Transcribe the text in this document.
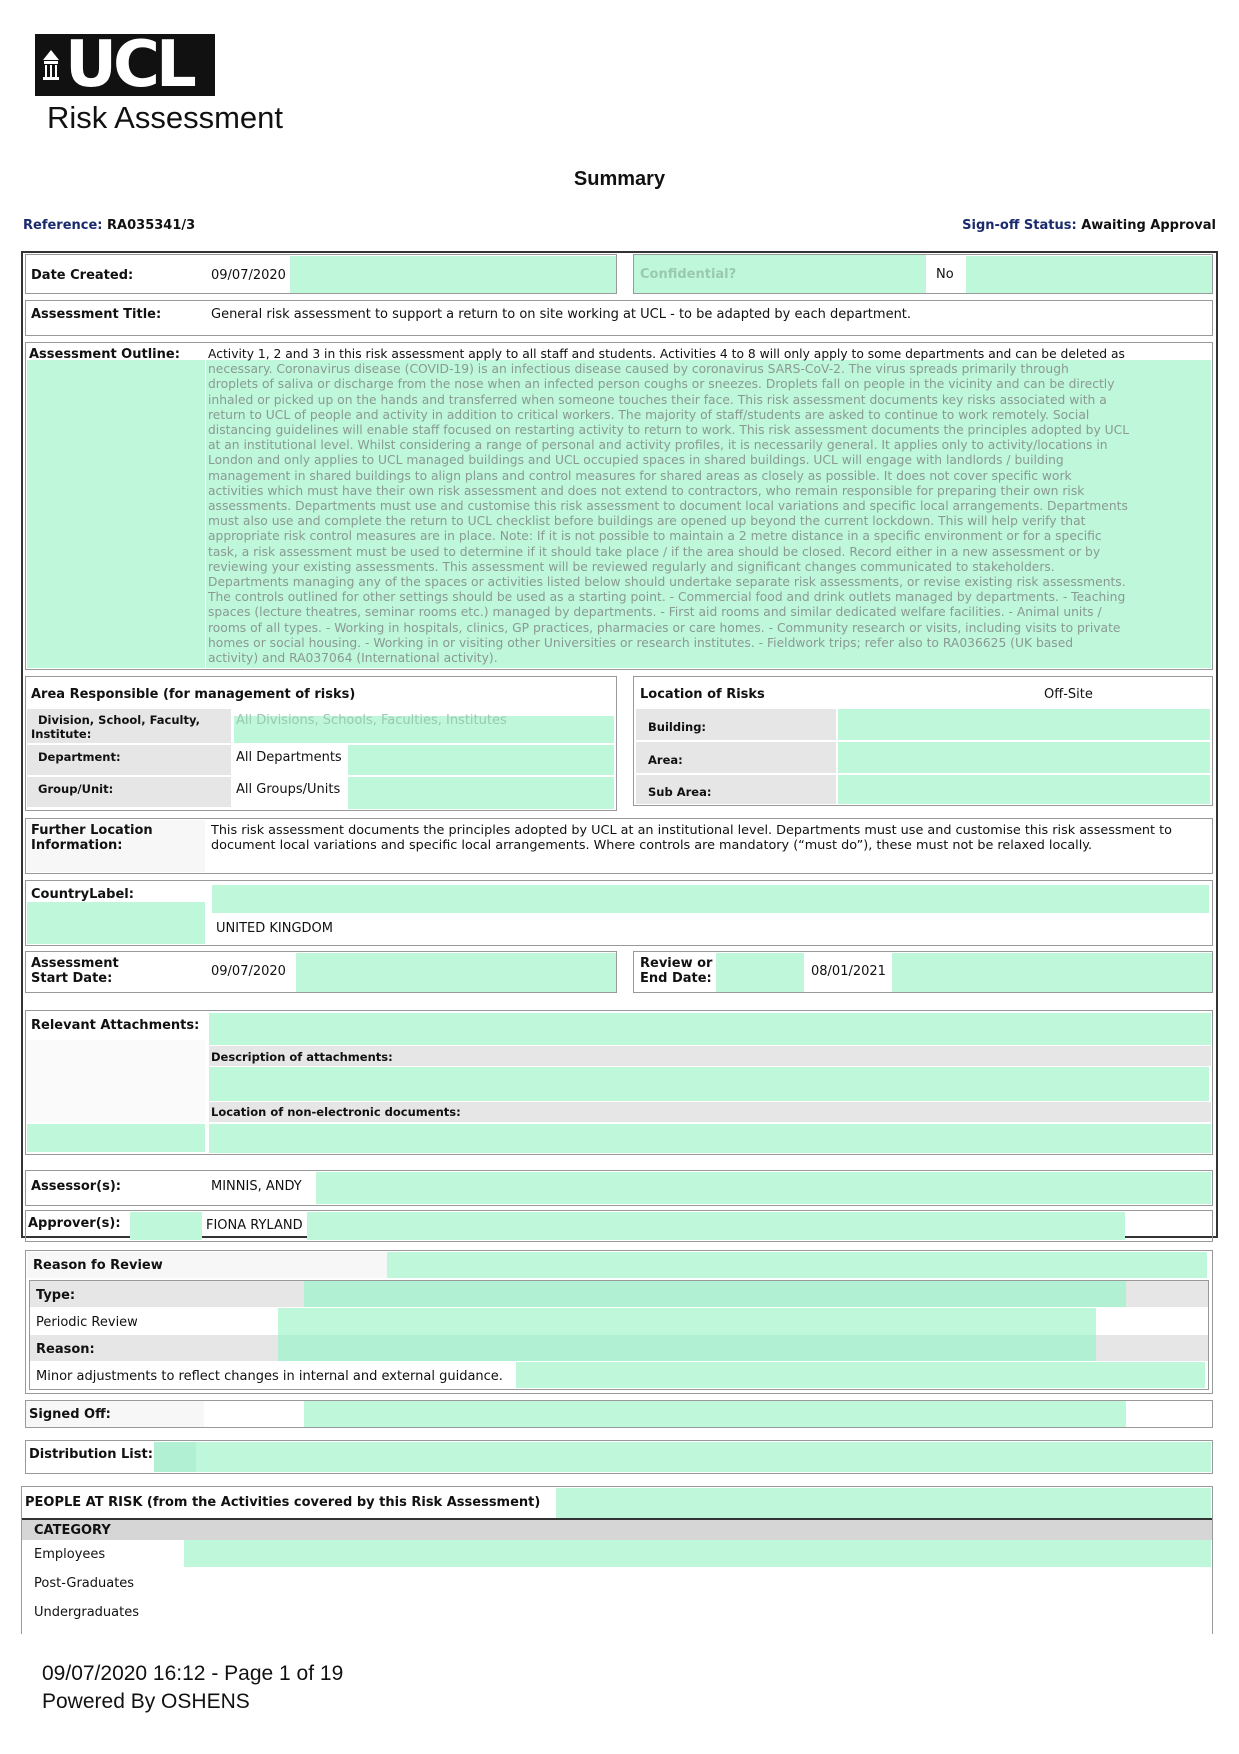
UCL
Risk Assessment
Summary
Reference: RA035341/3	Sign-off Status: Awaiting Approval
Date Created:	09/07/2020	Confidential?	No
Assessment Title:	General risk assessment to support a return to on site working at UCL - to be adapted by each department.
Assessment Outline: Activity 1, 2 and 3 in this risk assessment apply to all staff and students. Activities 4 to 8 will only apply to some departments and can be deleted as
necessary. Coronavirus disease (COVID-19) is an infectious disease caused by coronavirus SARS-CoV-2. The virus spreads primarily through
droplets of saliva or discharge from the nose when an infected person coughs or sneezes. Droplets fall on people in the vicinity and can be directly
inhaled or picked up on the hands and transferred when someone touches their face. This risk assessment documents key risks associated with a
return to UCL of people and activity in addition to critical workers. The majority of staff/students are asked to continue to work remotely. Social
distancing guidelines will enable staff focused on restarting activity to return to work. This risk assessment documents the principles adopted by UCL
at an institutional level. Whilst considering a range of personal and activity profiles, it is necessarily general. It applies only to activity/locations in
London and only applies to UCL managed buildings and UCL occupied spaces in shared buildings. UCL will engage with landlords / building
management in shared buildings to align plans and control measures for shared areas as closely as possible. It does not cover specific work
activities which must have their own risk assessment and does not extend to contractors, who remain responsible for preparing their own risk
assessments. Departments must use and customise this risk assessment to document local variations and specific local arrangements. Departments
must also use and complete the return to UCL checklist before buildings are opened up beyond the current lockdown. This will help verify that
appropriate risk control measures are in place. Note: If it is not possible to maintain a 2 metre distance in a specific environment or for a specific
task, a risk assessment must be used to determine if it should take place / if the area should be closed. Record either in a new assessment or by
reviewing your existing assessments. This assessment will be reviewed regularly and significant changes communicated to stakeholders.
Departments managing any of the spaces or activities listed below should undertake separate risk assessments, or revise existing risk assessments.
The controls outlined for other settings should be used as a starting point. - Commercial food and drink outlets managed by departments. - Teaching
spaces (lecture theatres, seminar rooms etc.) managed by departments. - First aid rooms and similar dedicated welfare facilities. - Animal units /
rooms of all types. - Working in hospitals, clinics, GP practices, pharmacies or care homes. - Community research or visits, including visits to private
homes or social housing. - Working in or visiting other Universities or research institutes. - Fieldwork trips; refer also to RA036625 (UK based
activity) and RA037064 (International activity).
Area Responsible (for management of risks)
Division, School, Faculty, Institute:
All Divisions, Schools, Faculties, Institutes
Department:	All Departments
Group/Unit:	All Groups/Units
Location of Risks	Off-Site
Building:
Area:
Sub Area:
Further Location
Information:
This risk assessment documents the principles adopted by UCL at an institutional level. Departments must use and customise this risk assessment to
document local variations and specific local arrangements. Where controls are mandatory (“must do”), these must not be relaxed locally.
CountryLabel:
UNITED KINGDOM
Assessment
Start Date:	09/07/2020
Review or
End Date:	08/01/2021
Relevant Attachments:
Description of attachments:
Location of non-electronic documents:
Assessor(s):	MINNIS, ANDY
Approver(s):	FIONA RYLAND
Reason fo Review
Type:
Periodic Review
Reason:
Minor adjustments to reflect changes in internal and external guidance.
Signed Off:
Distribution List:
PEOPLE AT RISK (from the Activities covered by this Risk Assessment)
CATEGORY
Employees
Post-Graduates
Undergraduates
09/07/2020 16:12 - Page 1 of 19
Powered By OSHENS
